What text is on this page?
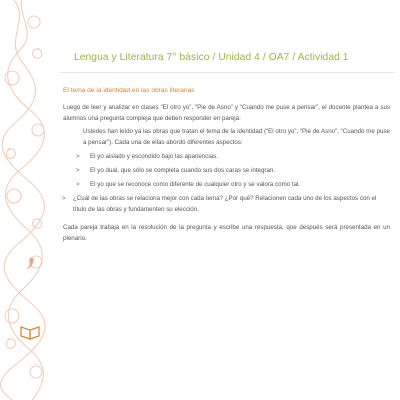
Lengua y Literatura 7° básico / Unidad 4 / OA7 / Actividad 1
El tema de la identidad en las obras literarias

Luego de leer y analizar en clases “El otro yo”, “Pie de Asno” y “Cuando me puse a pensar”, el docente plantea a sus alumnos una pregunta compleja que deben responder en pareja:

Ustedes han leído ya las obras que tratan el tema de la identidad (“El otro yo”, “Pie de Asno”, “Cuando me puse a pensar”). Cada una de ellas abordó diferentes aspectos:

> El yo aislado y escondido bajo las apariencias.
> El yo dual, que sólo se completa cuando sus dos caras se integran.
> El yo que se reconoce como diferente de cualquier otro y se valora como tal.

> ¿Cuál de las obras se relaciona mejor con cada tema? ¿Por qué? Relacionen cada uno de los aspectos con el título de las obras y fundamenten su elección.

Cada pareja trabaja en la resolución de la pregunta y escribe una respuesta, que después será presentada en un plenario.
